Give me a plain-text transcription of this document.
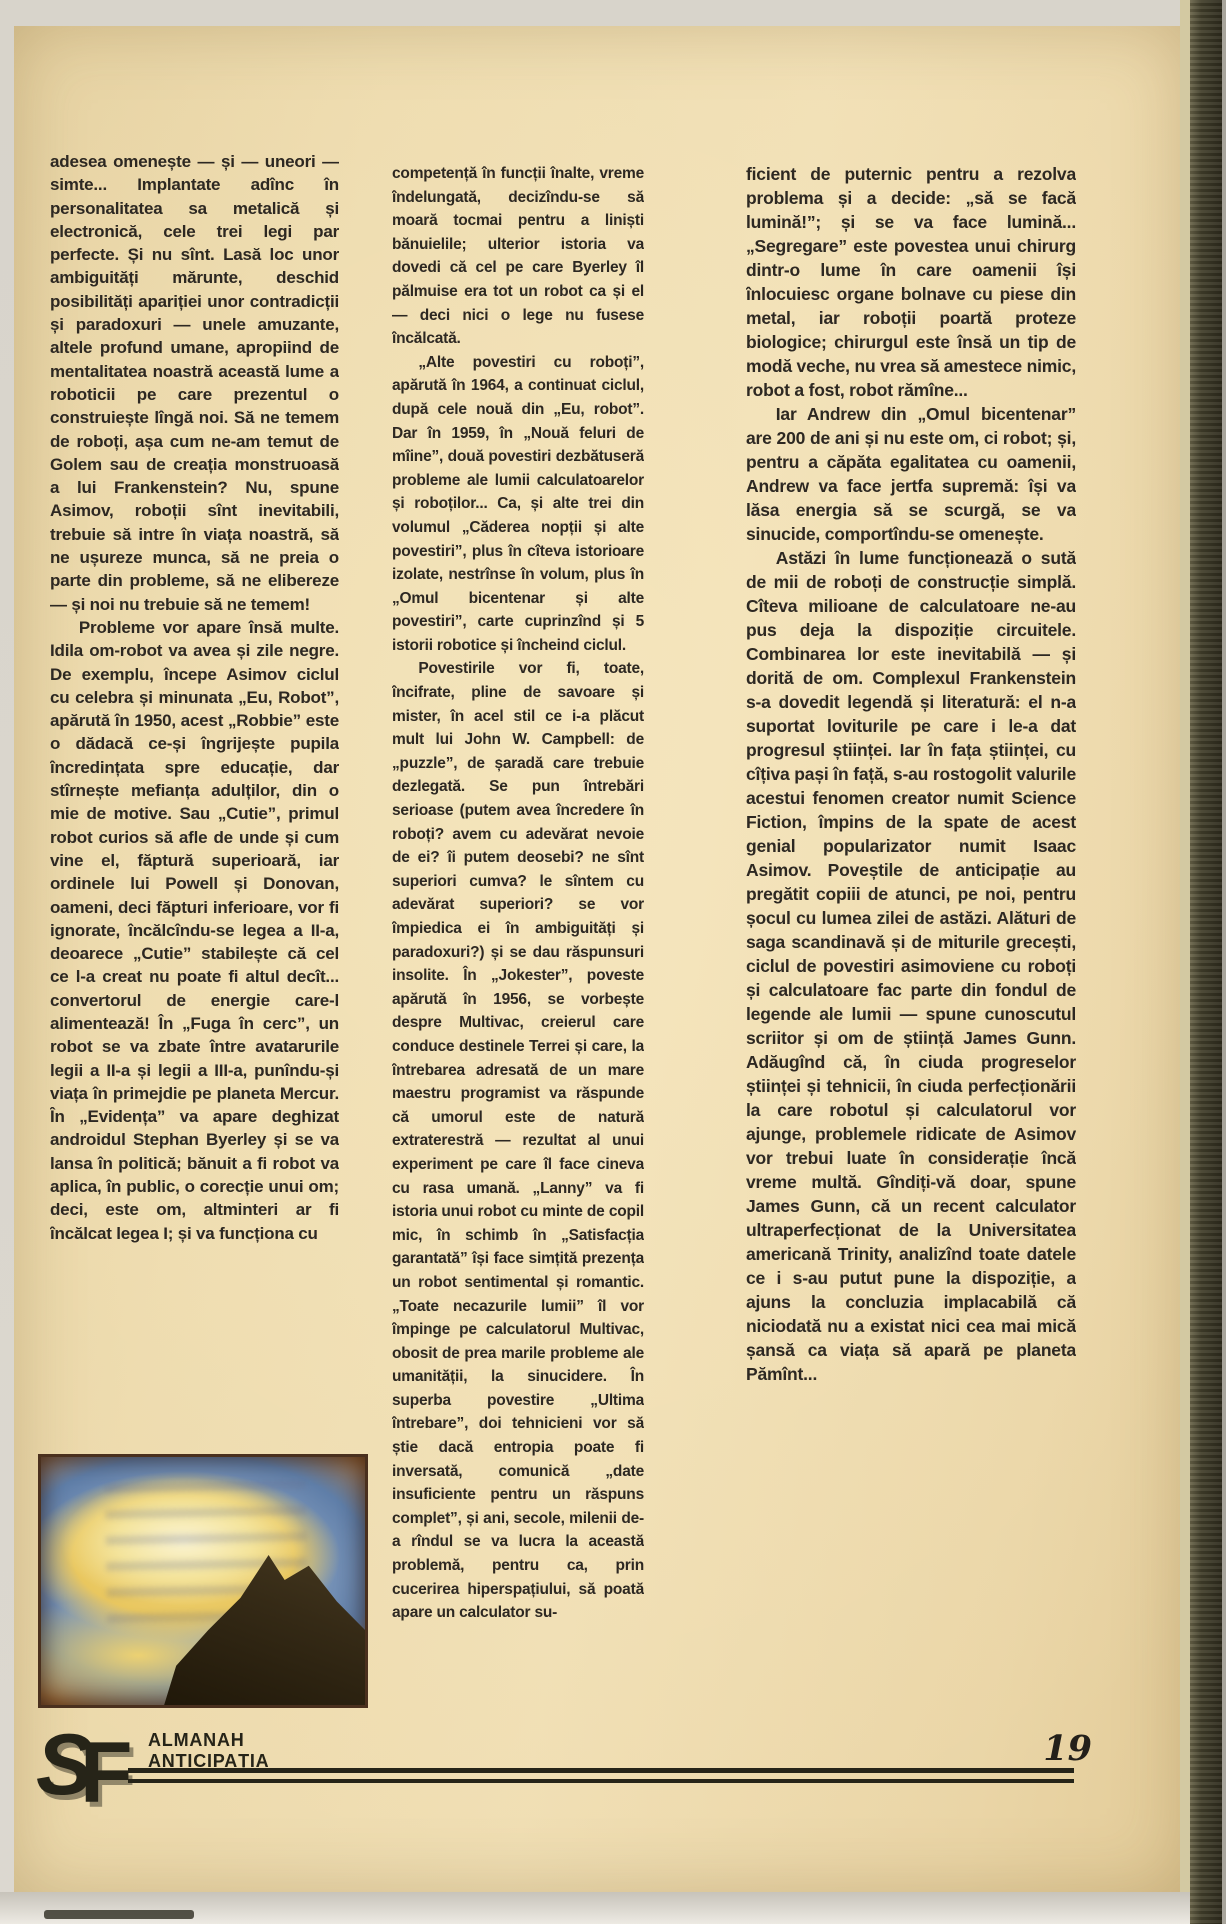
adesea omenește — și — uneori — simte... Implantate adînc în personalitatea sa metalică și electronică, cele trei legi par perfecte. Și nu sînt. Lasă loc unor ambiguități mărunte, deschid posibilități apariției unor contradicții și paradoxuri — unele amuzante, altele profund umane, apropiind de mentalitatea noastră această lume a roboticii pe care prezentul o construiește lîngă noi. Să ne temem de roboți, așa cum ne-am temut de Golem sau de creația monstruoasă a lui Frankenstein? Nu, spune Asimov, roboții sînt inevitabili, trebuie să intre în viața noastră, să ne ușureze munca, să ne preia o parte din probleme, să ne elibereze — și noi nu trebuie să ne temem!

Probleme vor apare însă multe. Idila om-robot va avea și zile negre. De exemplu, începe Asimov ciclul cu celebra și minunata „Eu, Robot”, apărută în 1950, acest „Robbie” este o dădacă ce-și îngrijește pupila încredințata spre educație, dar stîrnește mefianța adulților, din o mie de motive. Sau „Cutie”, primul robot curios să afle de unde și cum vine el, făptură superioară, iar ordinele lui Powell și Donovan, oameni, deci făpturi inferioare, vor fi ignorate, încălcîndu-se legea a II-a, deoarece „Cutie” stabilește că cel ce l-a creat nu poate fi altul decît... convertorul de energie care-l alimentează! În „Fuga în cerc”, un robot se va zbate între avatarurile legii a II-a și legii a III-a, punîndu-și viața în primejdie pe planeta Mercur. În „Evidența” va apare deghizat androidul Stephan Byerley și se va lansa în politică; bănuit a fi robot va aplica, în public, o corecție unui om; deci, este om, altminteri ar fi încălcat legea I; și va funcționa cu

competență în funcții înalte, vreme îndelungată, decizîndu-se să moară tocmai pentru a liniști bănuielile; ulterior istoria va dovedi că cel pe care Byerley îl pălmuise era tot un robot ca și el — deci nici o lege nu fusese încălcată.

„Alte povestiri cu roboți”, apărută în 1964, a continuat ciclul, după cele nouă din „Eu, robot”. Dar în 1959, în „Nouă feluri de mîine”, două povestiri dezbătuseră probleme ale lumii calculatoarelor și roboților... Ca, și alte trei din volumul „Căderea nopții și alte povestiri”, plus în cîteva istorioare izolate, nestrînse în volum, plus în „Omul bicentenar și alte povestiri”, carte cuprinzînd și 5 istorii robotice și încheind ciclul.

Povestirile vor fi, toate, încifrate, pline de savoare și mister, în acel stil ce i-a plăcut mult lui John W. Campbell: de „puzzle”, de șaradă care trebuie dezlegată. Se pun întrebări serioase (putem avea încredere în roboți? avem cu adevărat nevoie de ei? îi putem deosebi? ne sînt superiori cumva? le sîntem cu adevărat superiori? se vor împiedica ei în ambiguități și paradoxuri?) și se dau răspunsuri insolite. În „Jokester”, poveste apărută în 1956, se vorbește despre Multivac, creierul care conduce destinele Terrei și care, la întrebarea adresată de un mare maestru programist va răspunde că umorul este de natură extraterestră — rezultat al unui experiment pe care îl face cineva cu rasa umană. „Lanny” va fi istoria unui robot cu minte de copil mic, în schimb în „Satisfacția garantată” își face simțită prezența un robot sentimental și romantic. „Toate necazurile lumii” îl vor împinge pe calculatorul Multivac, obosit de prea marile probleme ale umanității, la sinucidere. În superba povestire „Ultima întrebare”, doi tehnicieni vor să știe dacă entropia poate fi inversată, comunică „date insuficiente pentru un răspuns complet”, și ani, secole, milenii de-a rîndul se va lucra la această problemă, pentru ca, prin cucerirea hiperspațiului, să poată apare un calculator su-

ficient de puternic pentru a rezolva problema și a decide: „să se facă lumină!”; și se va face lumină... „Segregare” este povestea unui chirurg dintr-o lume în care oamenii își înlocuiesc organe bolnave cu piese din metal, iar roboții poartă proteze biologice; chirurgul este însă un tip de modă veche, nu vrea să amestece nimic, robot a fost, robot rămîne...

Iar Andrew din „Omul bicentenar” are 200 de ani și nu este om, ci robot; și, pentru a căpăta egalitatea cu oamenii, Andrew va face jertfa supremă: își va lăsa energia să se scurgă, se va sinucide, comportîndu-se omenește.

Astăzi în lume funcționează o sută de mii de roboți de construcție simplă. Cîteva milioane de calculatoare ne-au pus deja la dispoziție circuitele. Combinarea lor este inevitabilă — și dorită de om. Complexul Frankenstein s-a dovedit legendă și literatură: el n-a suportat loviturile pe care i le-a dat progresul științei. Iar în fața științei, cu cîțiva pași în față, s-au rostogolit valurile acestui fenomen creator numit Science Fiction, împins de la spate de acest genial popularizator numit Isaac Asimov. Poveștile de anticipație au pregătit copiii de atunci, pe noi, pentru șocul cu lumea zilei de astăzi. Alături de saga scandinavă și de miturile grecești, ciclul de povestiri asimoviene cu roboți și calculatoare fac parte din fondul de legende ale lumii — spune cunoscutul scriitor și om de știință James Gunn. Adăugînd că, în ciuda progreselor științei și tehnicii, în ciuda perfecționării la care robotul și calculatorul vor ajunge, problemele ridicate de Asimov vor trebui luate în considerație încă vreme multă. Gîndiți-vă doar, spune James Gunn, că un recent calculator ultraperfecționat de la Universitatea americană Trinity, analizînd toate datele ce i s-au putut pune la dispoziție, a ajuns la concluzia implacabilă că niciodată nu a existat nici cea mai mică șansă ca viața să apară pe planeta Pămînt...

S
F ALMANAH
ANTICIPAȚIA	19
